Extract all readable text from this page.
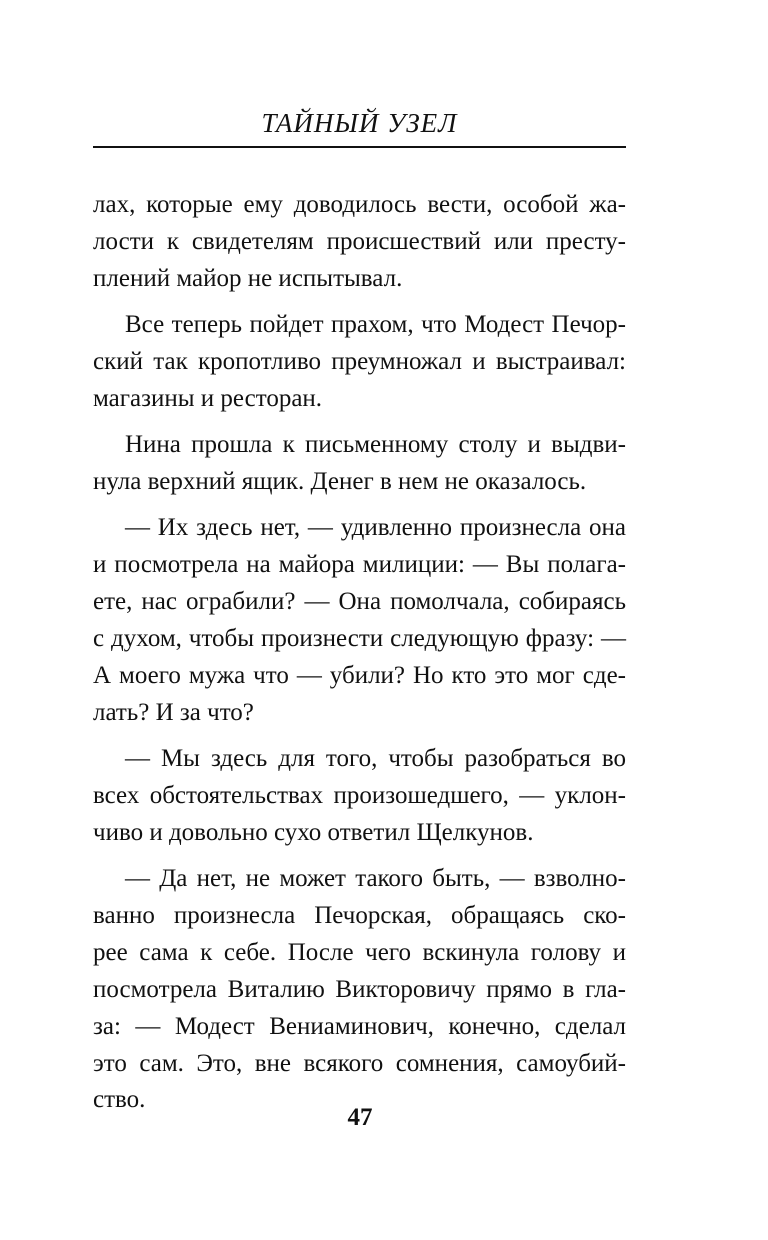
ТАЙНЫЙ УЗЕЛ

лах, которые ему доводилось вести, особой жа-
лости к свидетелям происшествий или престу-
плений майор не испытывал.

Все теперь пойдет прахом, что Модест Печор-
ский так кропотливо преумножал и выстраивал:
магазины и ресторан.

Нина прошла к письменному столу и выдви-
нула верхний ящик. Денег в нем не оказалось.

— Их здесь нет, — удивленно произнесла она
и посмотрела на майора милиции: — Вы полага-
ете, нас ограбили? — Она помолчала, собираясь
с духом, чтобы произнести следующую фразу: —
А моего мужа что — убили? Но кто это мог сде-
лать? И за что?

— Мы здесь для того, чтобы разобраться во
всех обстоятельствах произошедшего, — уклон-
чиво и довольно сухо ответил Щелкунов.

— Да нет, не может такого быть, — взволно-
ванно произнесла Печорская, обращаясь ско-
рее сама к себе. После чего вскинула голову и
посмотрела Виталию Викторовичу прямо в гла-
за: — Модест Вениаминович, конечно, сделал
это сам. Это, вне всякого сомнения, самоубий-
ство.

47
